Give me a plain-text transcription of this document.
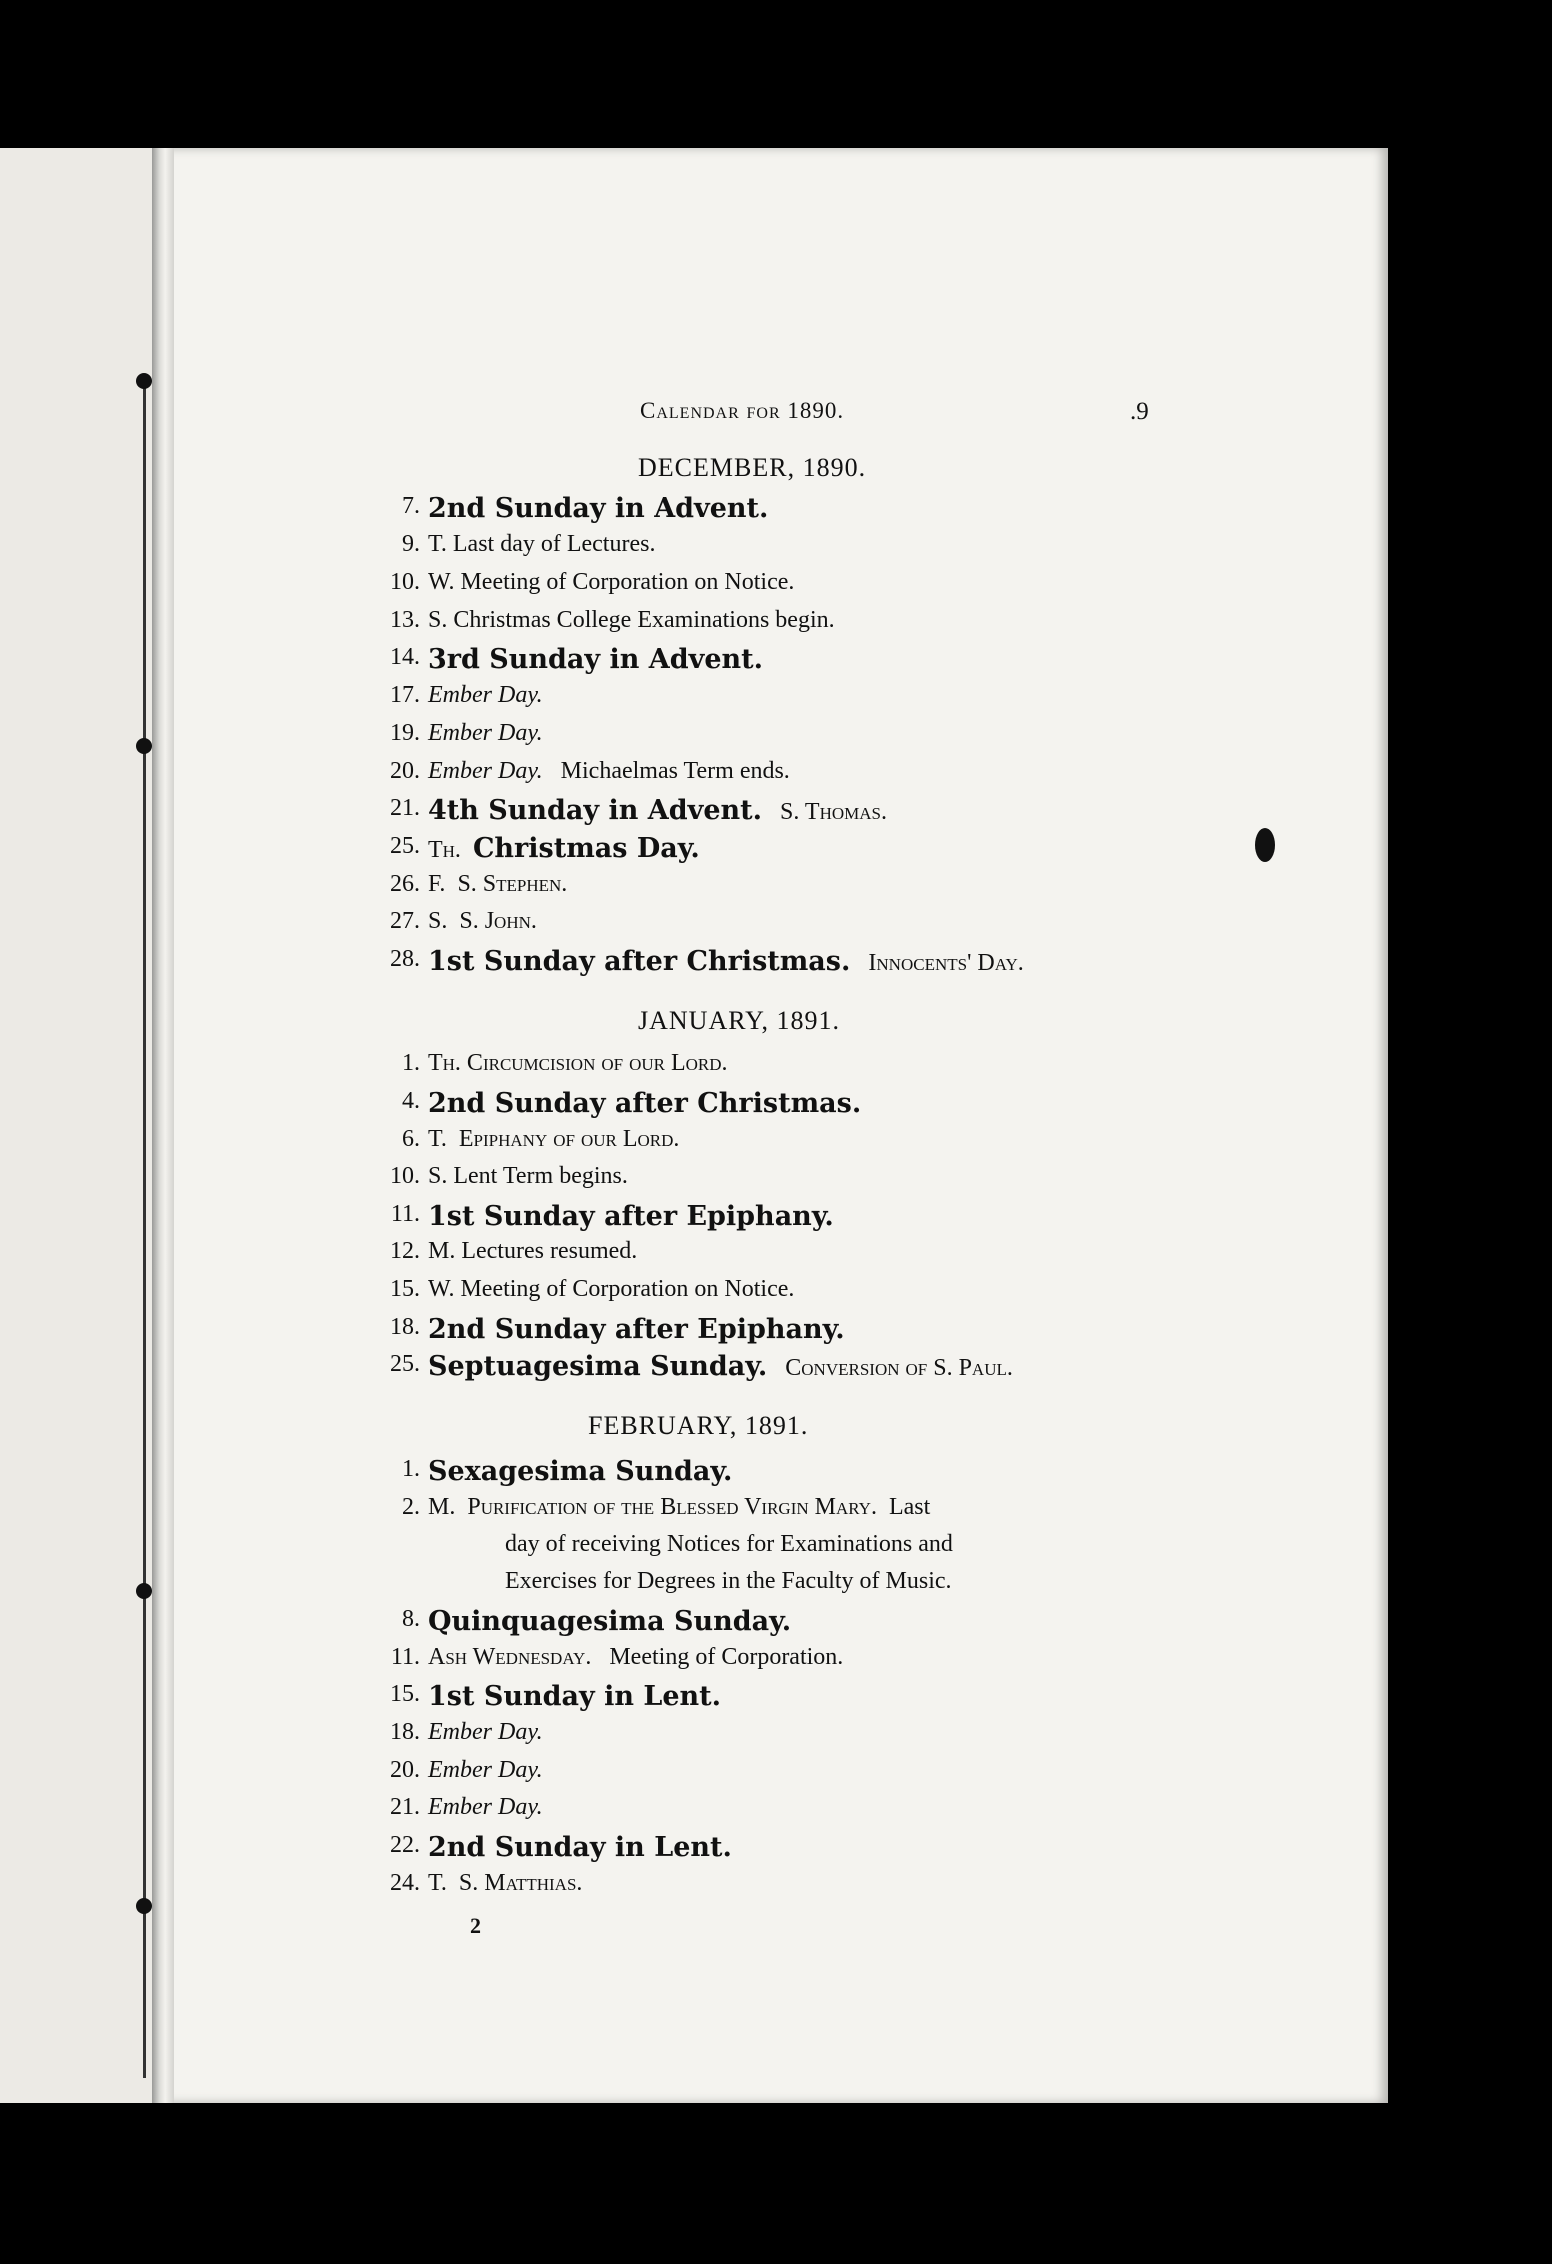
Calendar for 1890.	.9
DECEMBER, 1890.
7. 2nd Sunday in Advent.
9. T. Last day of Lectures.
10. W. Meeting of Corporation on Notice.
13. S. Christmas College Examinations begin.
14. 3rd Sunday in Advent.
17. Ember Day.
19. Ember Day.
20. Ember Day. Michaelmas Term ends.
21. 4th Sunday in Advent. S. Thomas.
25. Th. Christmas Day.
26. F. S. Stephen.
27. S. S. John.
28. 1st Sunday after Christmas. Innocents' Day.
JANUARY, 1891.
1. Th. Circumcision of our Lord.
4. 2nd Sunday after Christmas.
6. T. Epiphany of our Lord.
10. S. Lent Term begins.
11. 1st Sunday after Epiphany.
12. M. Lectures resumed.
15. W. Meeting of Corporation on Notice.
18. 2nd Sunday after Epiphany.
25. Septuagesima Sunday. Conversion of S. Paul.
FEBRUARY, 1891.
1. Sexagesima Sunday.
2. M. Purification of the Blessed Virgin Mary. Last
day of receiving Notices for Examinations and
Exercises for Degrees in the Faculty of Music.
8. Quinquagesima Sunday.
11. Ash Wednesday. Meeting of Corporation.
15. 1st Sunday in Lent.
18. Ember Day.
20. Ember Day.
21. Ember Day.
22. 2nd Sunday in Lent.
24. T. S. Matthias.
2
